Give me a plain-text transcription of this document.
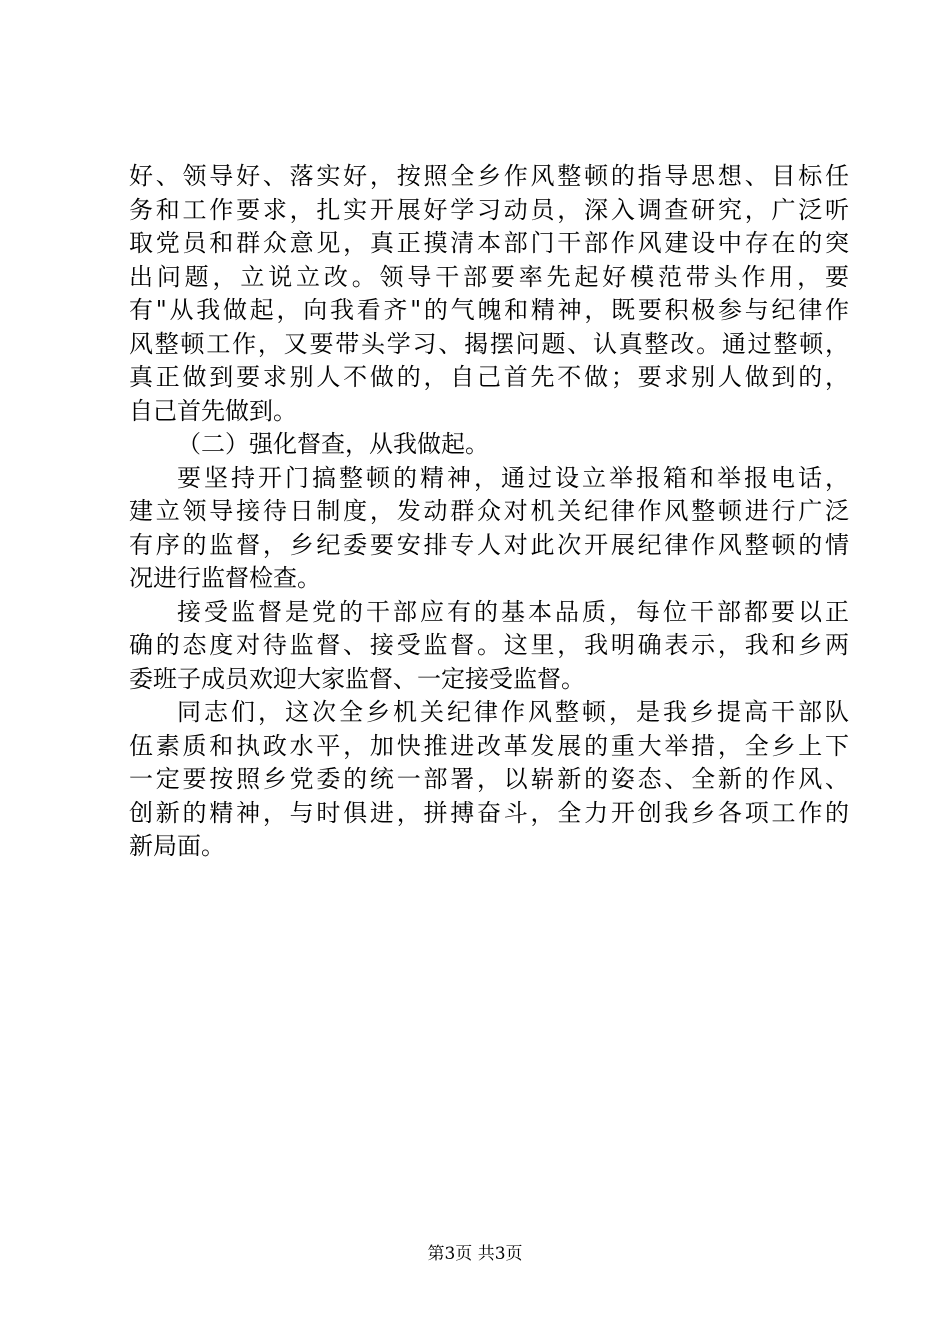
好、领导好、落实好，按照全乡作风整顿的指导思想、目标任
务和工作要求，扎实开展好学习动员，深入调查研究，广泛听
取党员和群众意见，真正摸清本部门干部作风建设中存在的突
出问题，立说立改。领导干部要率先起好模范带头作用，要
有"从我做起，向我看齐"的气魄和精神，既要积极参与纪律作
风整顿工作，又要带头学习、揭摆问题、认真整改。通过整顿，
真正做到要求别人不做的，自己首先不做；要求别人做到的，
自己首先做到。
（二）强化督查，从我做起。
要坚持开门搞整顿的精神，通过设立举报箱和举报电话，
建立领导接待日制度，发动群众对机关纪律作风整顿进行广泛
有序的监督，乡纪委要安排专人对此次开展纪律作风整顿的情
况进行监督检查。
接受监督是党的干部应有的基本品质，每位干部都要以正
确的态度对待监督、接受监督。这里，我明确表示，我和乡两
委班子成员欢迎大家监督、一定接受监督。
同志们，这次全乡机关纪律作风整顿，是我乡提高干部队
伍素质和执政水平，加快推进改革发展的重大举措，全乡上下
一定要按照乡党委的统一部署，以崭新的姿态、全新的作风、
创新的精神，与时俱进，拼搏奋斗，全力开创我乡各项工作的
新局面。
第3页 共3页
